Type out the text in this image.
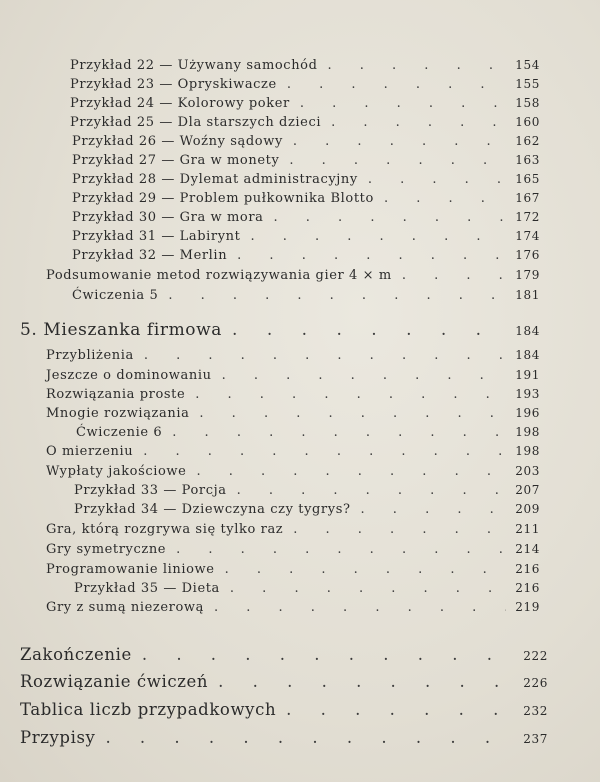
Przykład 22 — Używany samochód . . .	154
Przykład 23 — Opryskiwacze . . .	155
Przykład 24 — Kolorowy poker . . .	158
Przykład 25 — Dla starszych dzieci . . .	160
Przykład 26 — Woźny sądowy . . .	162
Przykład 27 — Gra w monety . . .	163
Przykład 28 — Dylemat administracyjny . . .	165
Przykład 29 — Problem pułkownika Blotto . . .	167
Przykład 30 — Gra w mora . . .	172
Przykład 31 — Labirynt . . .	174
Przykład 32 — Merlin . . .	176
Podsumowanie metod rozwiązywania gier 4 × m . . .	179
Ćwiczenia 5 . . .	181
5. Mieszanka firmowa . . .	184
Przybliżenia . . .	184
Jeszcze o dominowaniu . . .	191
Rozwiązania proste . . .	193
Mnogie rozwiązania . . .	196
Ćwiczenie 6 . . .	198
O mierzeniu . . .	198
Wypłaty jakościowe . . .	203
Przykład 33 — Porcja . . .	207
Przykład 34 — Dziewczyna czy tygrys? . . .	209
Gra, którą rozgrywa się tylko raz . . .	211
Gry symetryczne . . .	214
Programowanie liniowe . . .	216
Przykład 35 — Dieta . . .	216
Gry z sumą niezerową . . .	219
Zakończenie . . .	222
Rozwiązanie ćwiczeń . . .	226
Tablica liczb przypadkowych . . .	232
Przypisy . . .	237
